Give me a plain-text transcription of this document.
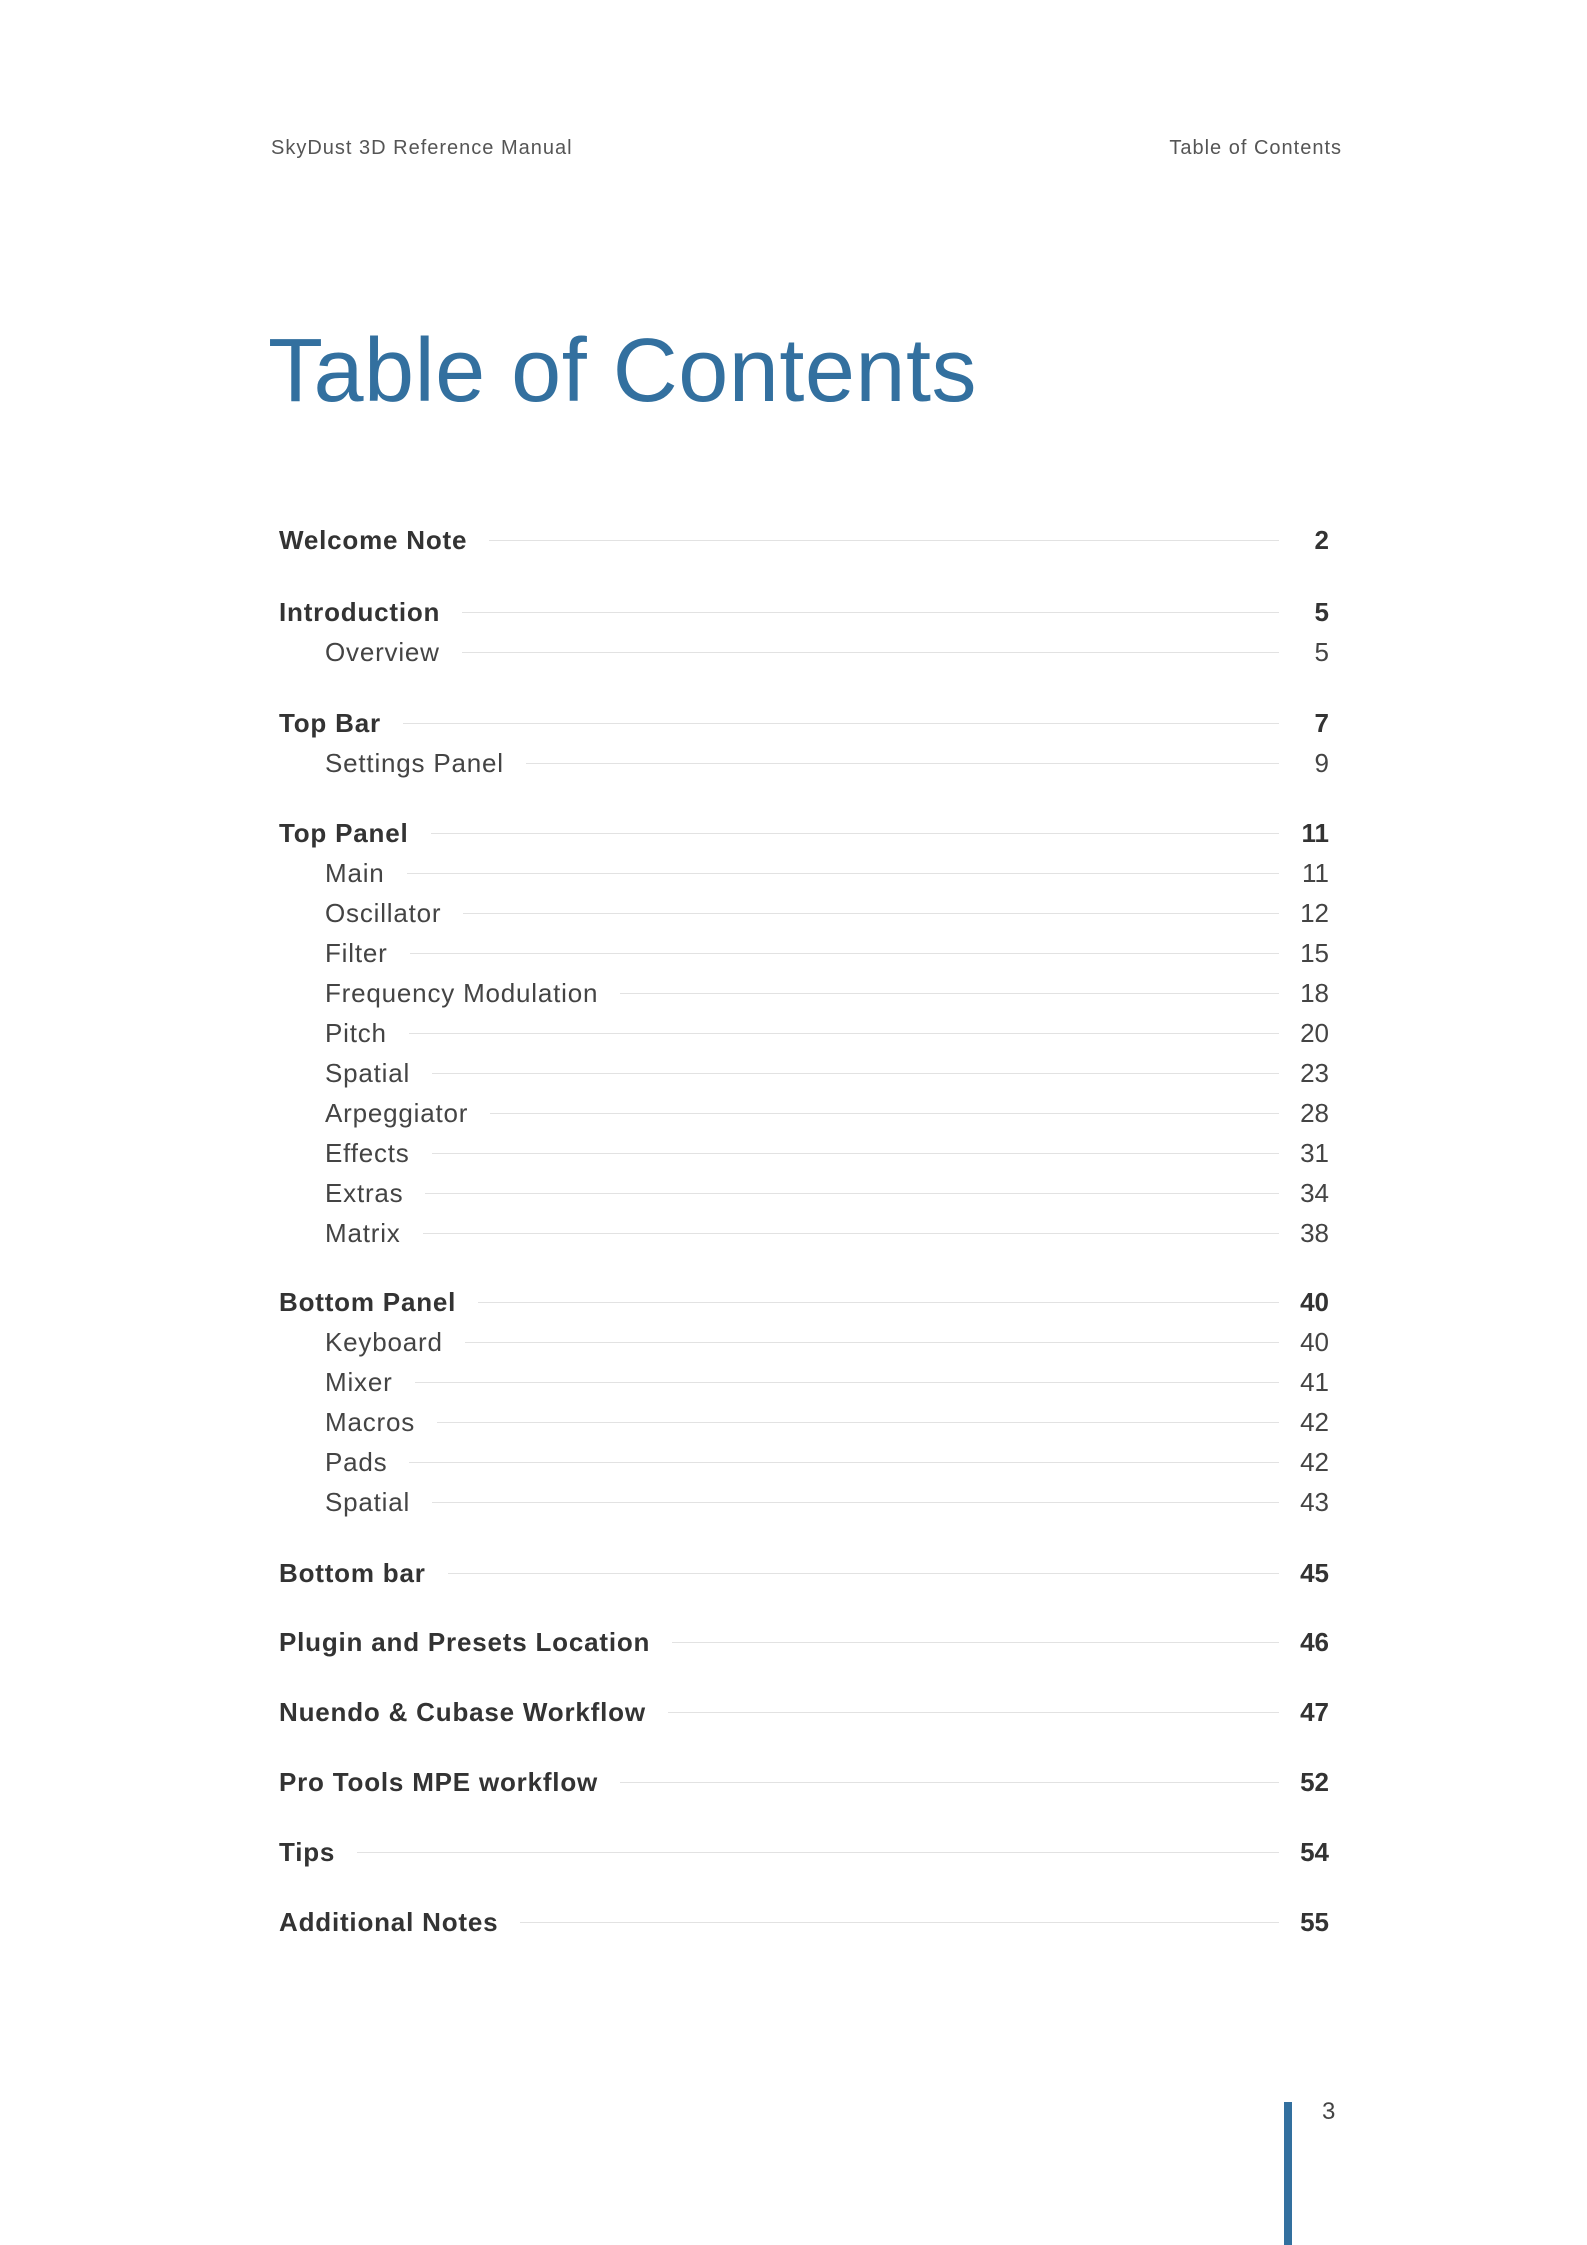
SkyDust 3D Reference Manual	Table of Contents
Table of Contents
Welcome Note	2
Introduction	5
Overview	5
Top Bar	7
Settings Panel	9
Top Panel	11
Main	11
Oscillator	12
Filter	15
Frequency Modulation	18
Pitch	20
Spatial	23
Arpeggiator	28
Effects	31
Extras	34
Matrix	38
Bottom Panel	40
Keyboard	40
Mixer	41
Macros	42
Pads	42
Spatial	43
Bottom bar	45
Plugin and Presets Location	46
Nuendo & Cubase Workflow	47
Pro Tools MPE workflow	52
Tips	54
Additional Notes	55
3
